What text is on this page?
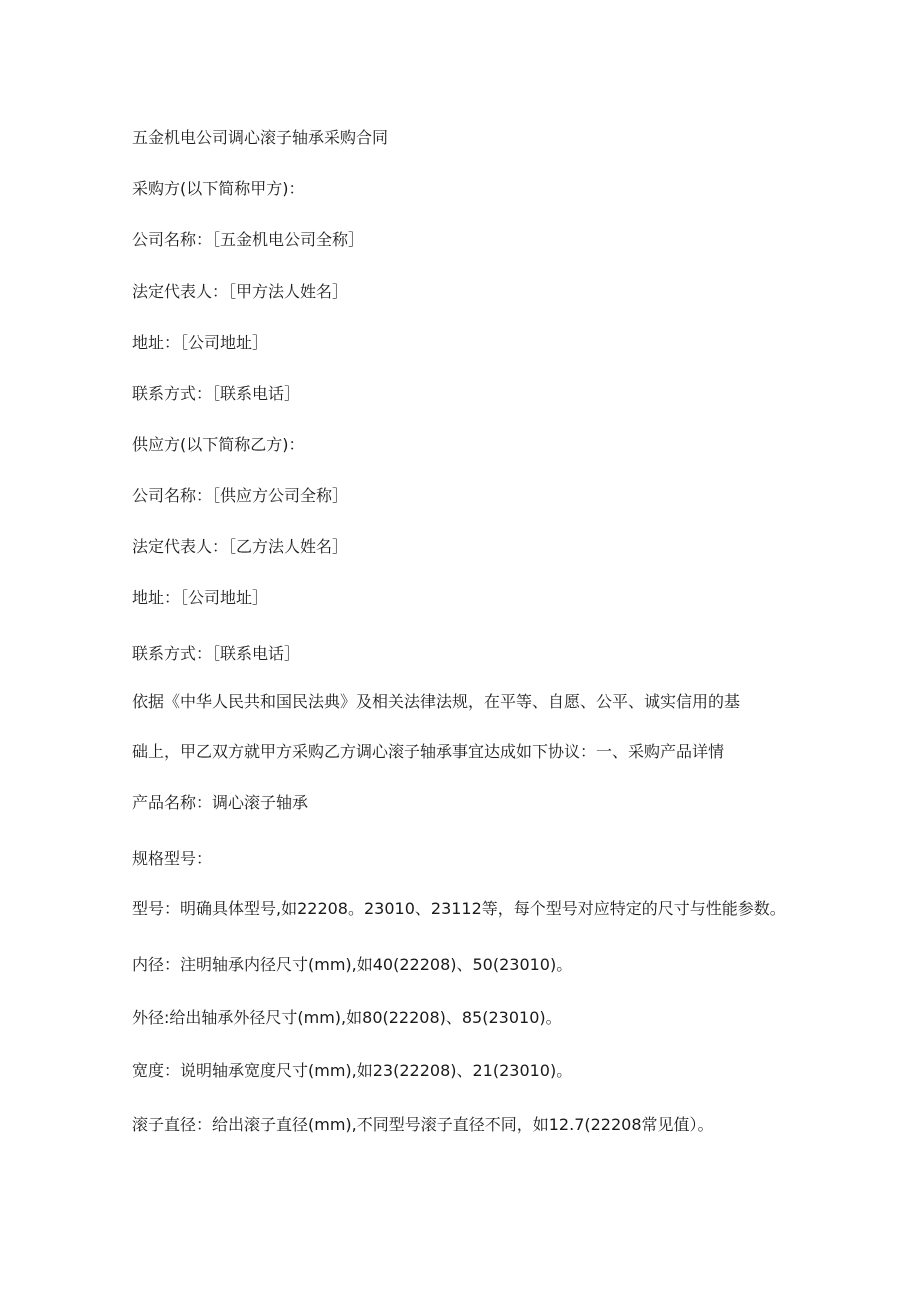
五金机电公司调心滚子轴承采购合同
采购方(以下简称甲方)：
公司名称：［五金机电公司全称］
法定代表人：［甲方法人姓名］
地址：［公司地址］
联系方式：［联系电话］
供应方(以下简称乙方)：
公司名称：［供应方公司全称］
法定代表人：［乙方法人姓名］
地址：［公司地址］
联系方式：［联系电话］
依据《中华人民共和国民法典》及相关法律法规，在平等、自愿、公平、诚实信用的基
础上，甲乙双方就甲方采购乙方调心滚子轴承事宜达成如下协议：一、采购产品详情
产品名称：调心滚子轴承
规格型号：
型号：明确具体型号,如22208。23010、23112等，每个型号对应特定的尺寸与性能参数。
内径：注明轴承内径尺寸(mm),如40(22208)、50(23010)。
外径:给出轴承外径尺寸(mm),如80(22208)、85(23010)。
宽度：说明轴承宽度尺寸(mm),如23(22208)、21(23010)。
滚子直径：给出滚子直径(mm),不同型号滚子直径不同，如12.7(22208常见值）。
